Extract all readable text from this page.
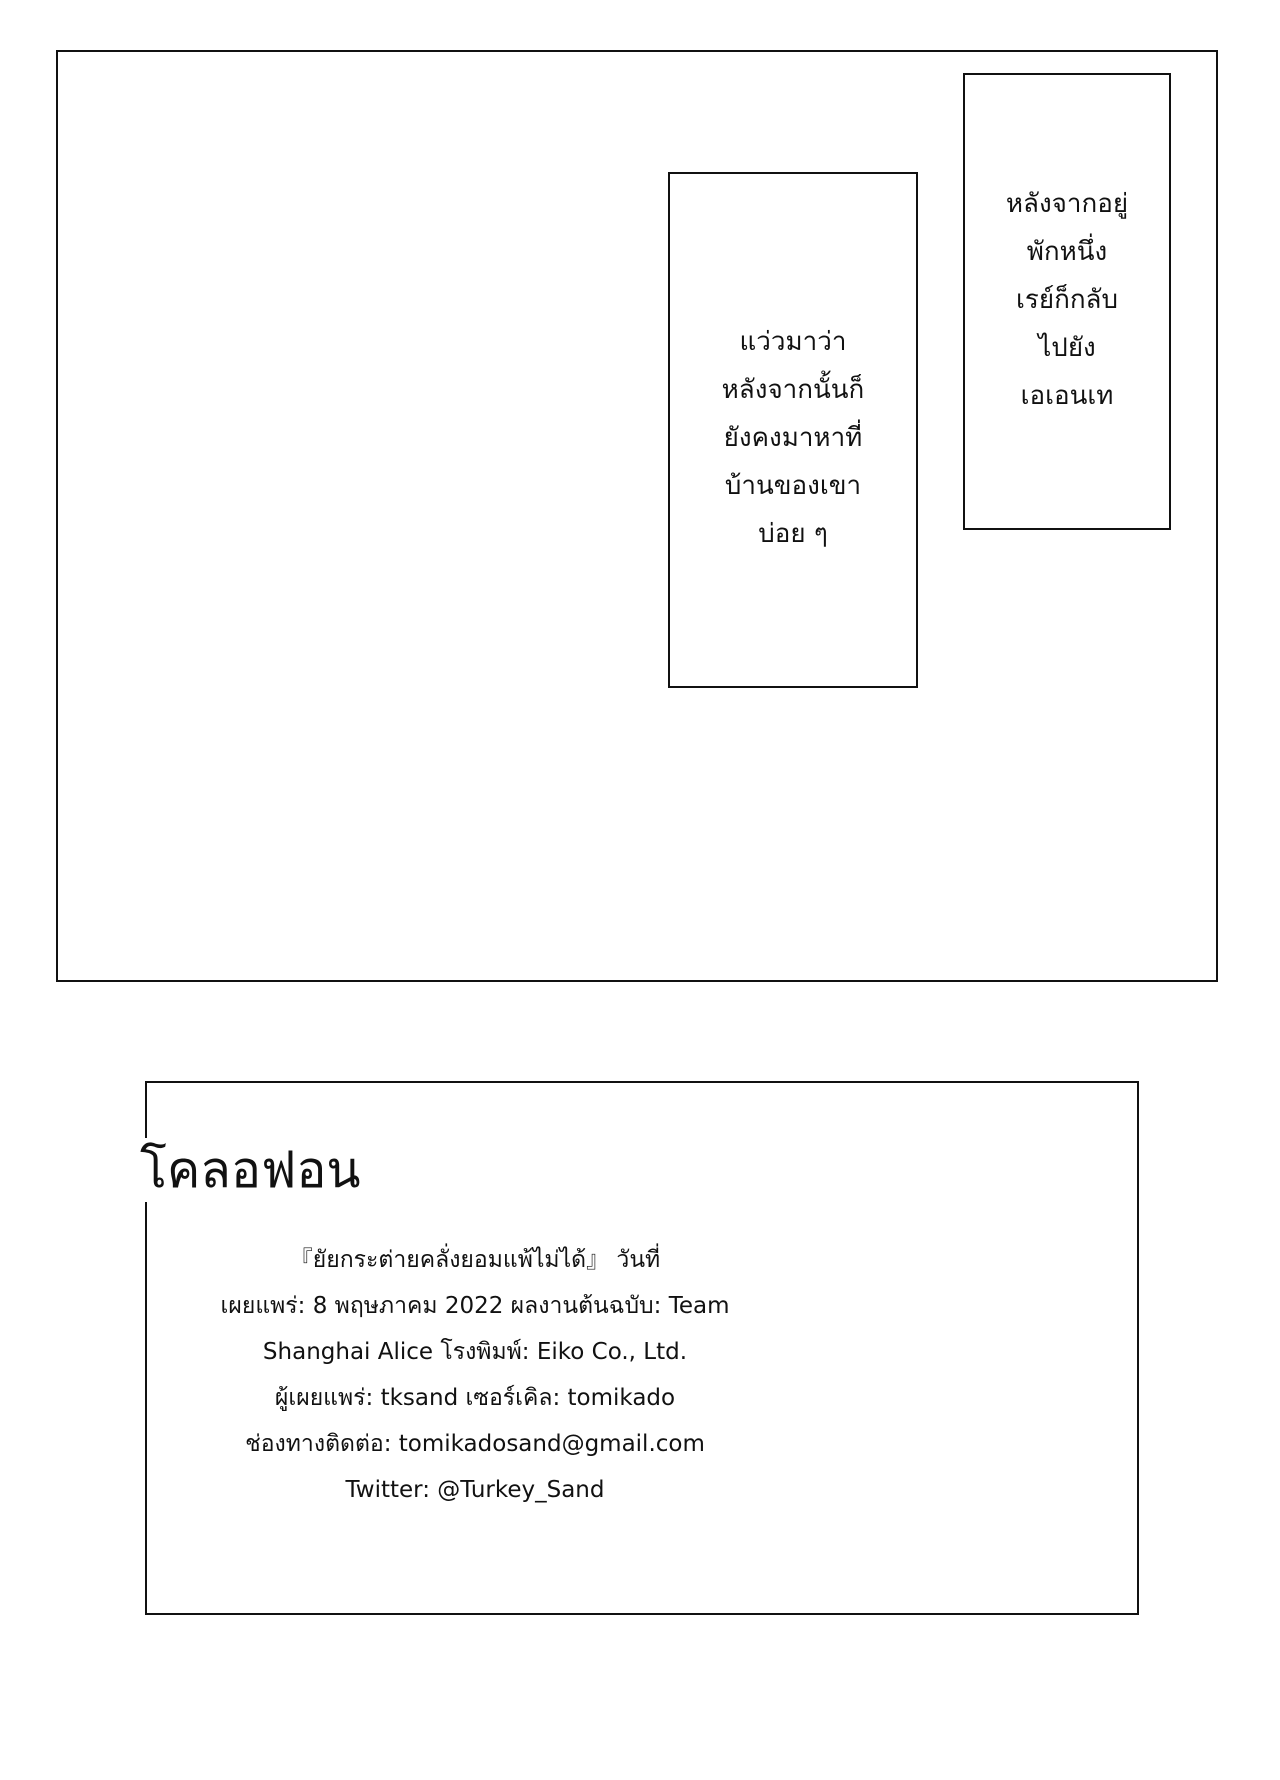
หลังจากอยู่
พักหนึ่ง
เรย์ก็กลับ
ไปยัง
เอเอนเท
แว่วมาว่า
หลังจากนั้นก็
ยังคงมาหาที่
บ้านของเขา
บ่อย ๆ
โคลอฟอน
『ยัยกระต่ายคลั่งยอมแพ้ไม่ได้』 วันที่
เผยแพร่: 8 พฤษภาคม 2022 ผลงานต้นฉบับ: Team
Shanghai Alice โรงพิมพ์: Eiko Co., Ltd.
ผู้เผยแพร่: tksand เซอร์เคิล: tomikado
ช่องทางติดต่อ: tomikadosand@gmail.com
Twitter: @Turkey_Sand
